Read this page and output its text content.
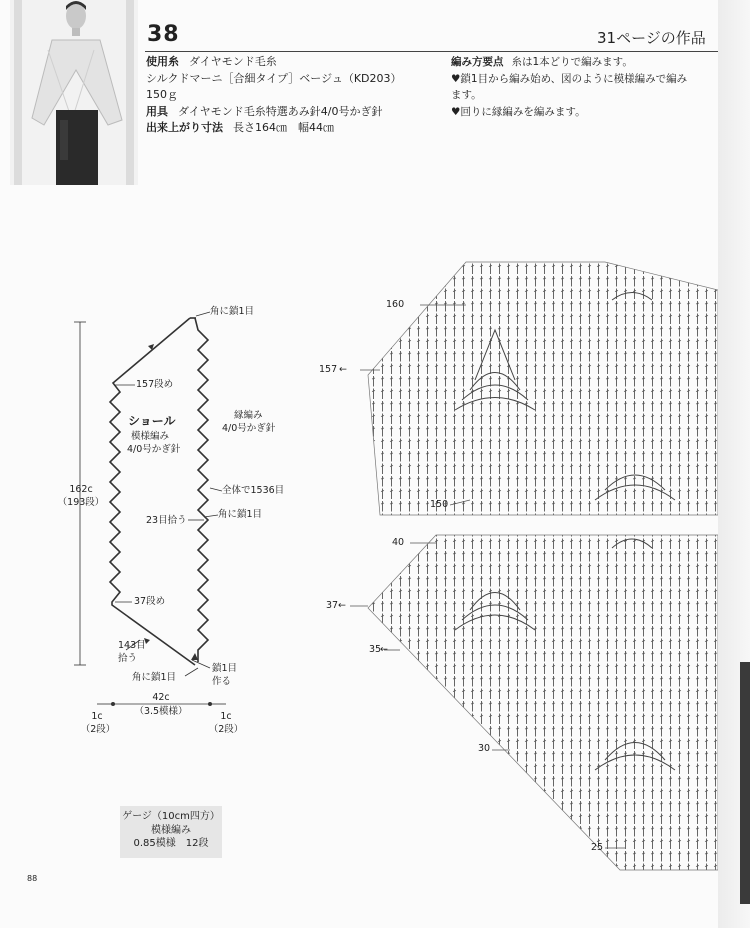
38	31ページの作品
使用糸 ダイヤモンド毛糸
シルクドマーニ［合細タイプ］ベージュ（KD203）
150ｇ
用具 ダイヤモンド毛糸特選あみ針4/0号かぎ針
出来上がり寸法 長さ164㎝　幅44㎝
編み方要点 糸は1本どりで編みます。
♥鎖1目から編み始め、図のように模様編みで編み
ます。
♥回りに縁編みを編みます。
角に鎖1目
157段め
ショール
模様編み
4/0号かぎ針
縁編み
4/0号かぎ針
全体で1536目
162c
（193段）
23目拾う
角に鎖1目
37段め
143目
拾う
鎖1目
作る
角に鎖1目
42c
（3.5模様）
1c
（2段）
1c
（2段）
160
157 ←
150
40
37 ←
35
←
30
25
ゲージ（10cm四方）
模様編み
0.85模様　12段
88
